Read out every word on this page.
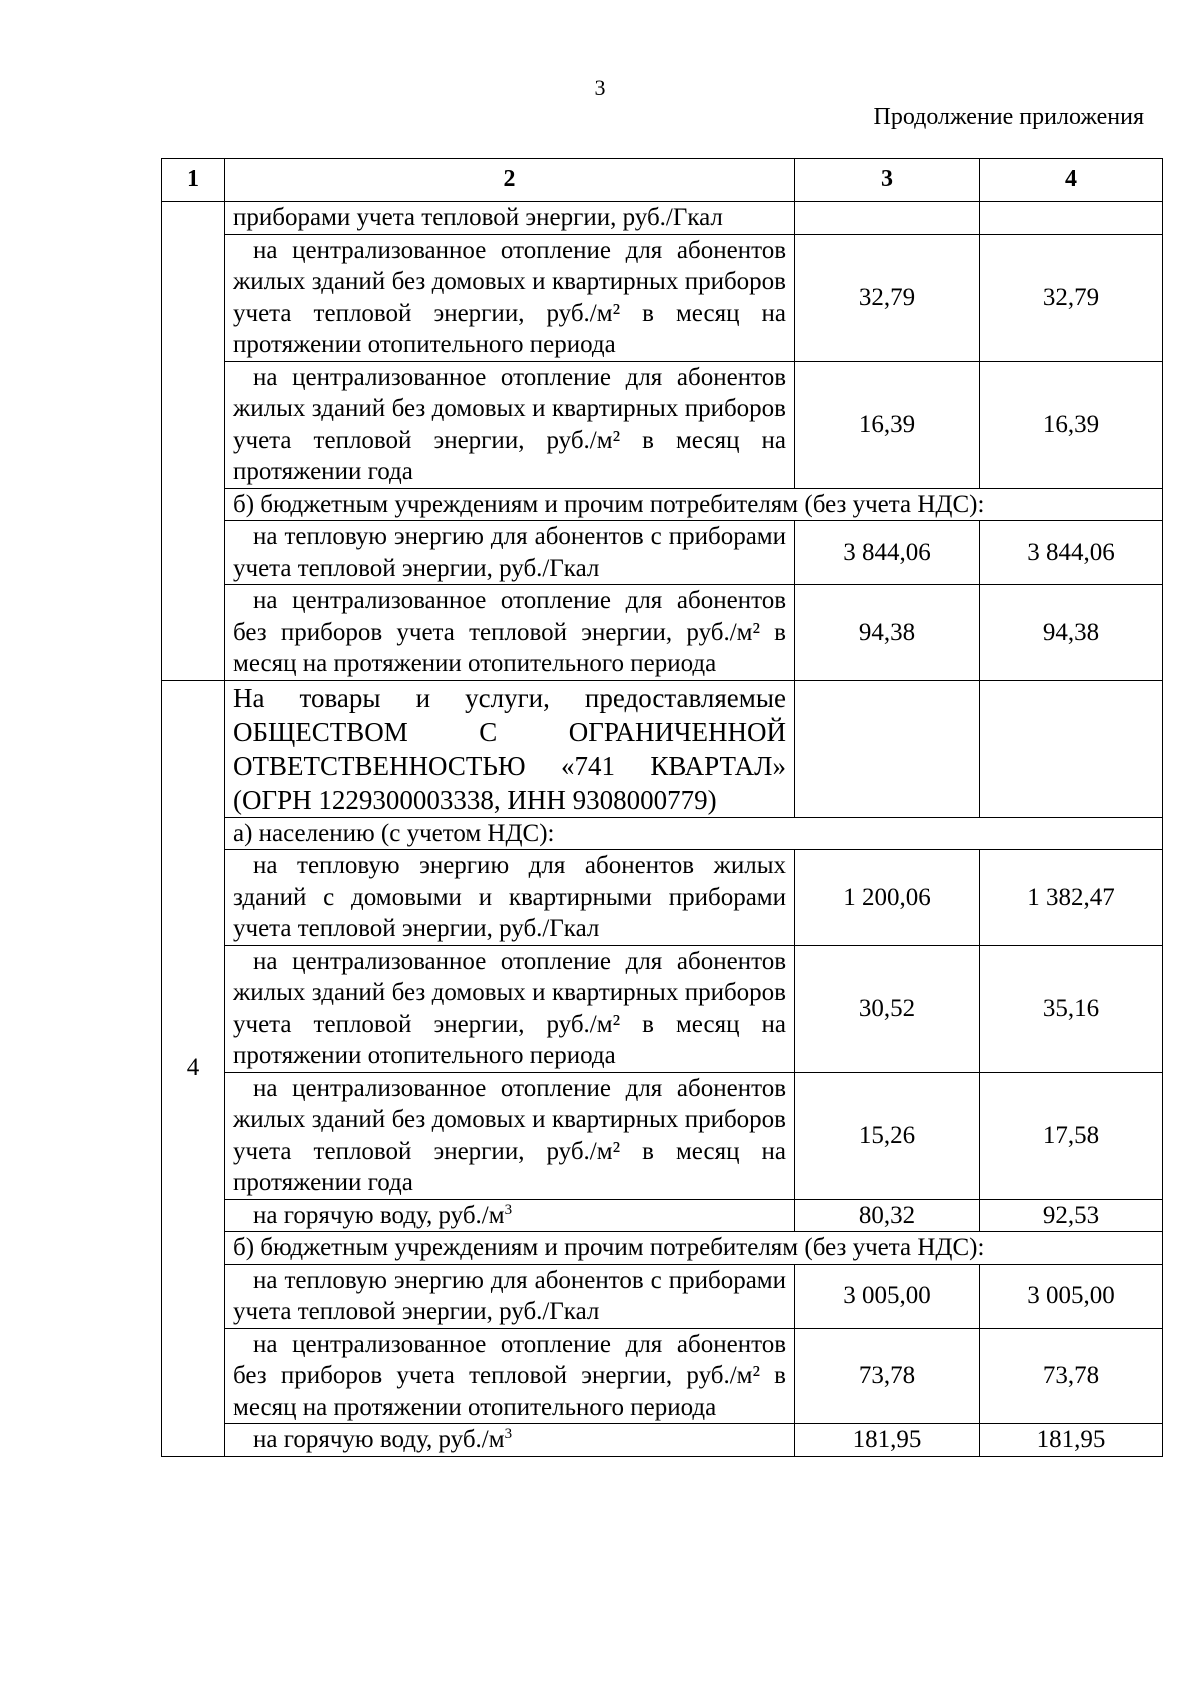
3
Продолжение приложения
1	2	3	4
	приборами учета тепловой энергии, руб./Гкал		
	на централизованное отопление для абонентов жилых зданий без домовых и квартирных приборов учета тепловой энергии, руб./м² в месяц на протяжении отопительного периода	32,79	32,79
	на централизованное отопление для абонентов жилых зданий без домовых и квартирных приборов учета тепловой энергии, руб./м² в месяц на протяжении года	16,39	16,39
	б) бюджетным учреждениям и прочим потребителям (без учета НДС):		
	на тепловую энергию для абонентов с приборами учета тепловой энергии, руб./Гкал	3 844,06	3 844,06
	на централизованное отопление для абонентов без приборов учета тепловой энергии, руб./м² в месяц на протяжении отопительного периода	94,38	94,38
4	На товары и услуги, предоставляемые ОБЩЕСТВОМ С ОГРАНИЧЕННОЙ ОТВЕТСТВЕННОСТЬЮ «741 КВАРТАЛ» (ОГРН 1229300003338, ИНН 9308000779)		
	а) населению (с учетом НДС):		
	на тепловую энергию для абонентов жилых зданий с домовыми и квартирными приборами учета тепловой энергии, руб./Гкал	1 200,06	1 382,47
	на централизованное отопление для абонентов жилых зданий без домовых и квартирных приборов учета тепловой энергии, руб./м² в месяц на протяжении отопительного периода	30,52	35,16
	на централизованное отопление для абонентов жилых зданий без домовых и квартирных приборов учета тепловой энергии, руб./м² в месяц на протяжении года	15,26	17,58
	на горячую воду, $руб./м^3$	80,32	92,53
	б) бюджетным учреждениям и прочим потребителям (без учета НДС):		
	на тепловую энергию для абонентов с приборами учета тепловой энергии, руб./Гкал	3 005,00	3 005,00
	на централизованное отопление для абонентов без приборов учета тепловой энергии, руб./м² в месяц на протяжении отопительного периода	73,78	73,78
	на горячую воду, $руб./м^3$	181,95	181,95
